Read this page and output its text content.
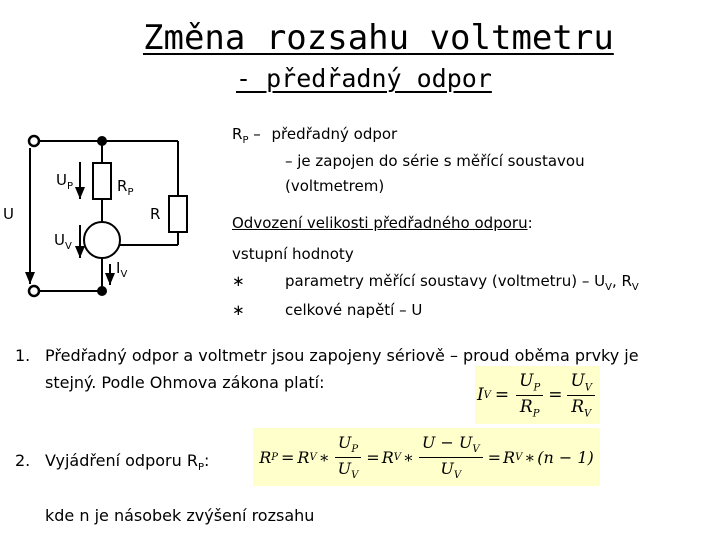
Změna rozsahu voltmetru
- předřadný odpor
$U_P$	$R_P$
U	R
$U_V$
$I_V$
$R_P$ – předřadný odpor
– je zapojen do série s měřící soustavou
(voltmetrem)
Odvození velikosti předřadného odporu:
vstupní hodnoty
∗	parametry měřící soustavy (voltmetru) – $U_V$, $R_V$
∗	celkové napětí – U
1. Předřadný odpor a voltmetr jsou zapojeny sériově – proud oběma prvky je
stejný. Podle Ohmova zákona platí:
I $V = \frac{U_P}{R_P} = \frac{U_V}{R_V}$
2. Vyjádření odporu $R_P$:	R P = R V ∗ $\frac{U_P}{U_V} = R$ V ∗ $\frac{U - U_V}{U_V} = R$ V ∗ (n − 1)
kde n je násobek zvýšení rozsahu
